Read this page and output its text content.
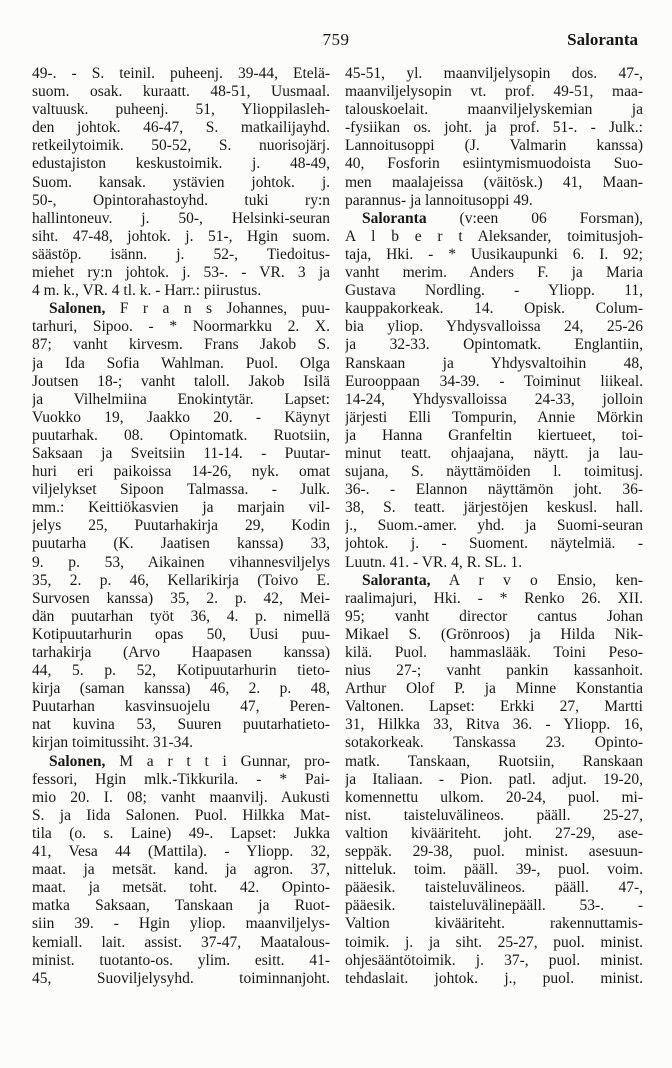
759	Saloranta
49-. - S. teinil. puheenj. 39-44, Etelä-
suom. osak. kuraatt. 48-51, Uusmaal.
valtuusk. puheenj. 51, Ylioppilasleh-
den johtok. 46-47, S. matkailijayhd.
retkeilytoimik. 50-52, S. nuorisojärj.
edustajiston keskustoimik. j. 48-49,
Suom. kansak. ystävien johtok. j.
50-, Opintorahastoyhd. tuki ry:n
hallintoneuv. j. 50-, Helsinki-seuran
siht. 47-48, johtok. j. 51-, Hgin suom.
säästöp. isänn. j. 52-, Tiedoitus-
miehet ry:n johtok. j. 53-. - VR. 3 ja
4 m. k., VR. 4 tl. k. - Harr.: piirustus.
Salonen, F r a n s Johannes, puu-
tarhuri, Sipoo. - * Noormarkku 2. X.
87; vanht kirvesm. Frans Jakob S.
ja Ida Sofia Wahlman. Puol. Olga
Joutsen 18-; vanht taloll. Jakob Isilä
ja Vilhelmiina Enokintytär. Lapset:
Vuokko 19, Jaakko 20. - Käynyt
puutarhak. 08. Opintomatk. Ruotsiin,
Saksaan ja Sveitsiin 11-14. - Puutar-
huri eri paikoissa 14-26, nyk. omat
viljelykset Sipoon Talmassa. - Julk.
mm.: Keittiökasvien ja marjain vil-
jelys 25, Puutarhakirja 29, Kodin
puutarha (K. Jaatisen kanssa) 33,
9. p. 53, Aikainen vihannesviljelys
35, 2. p. 46, Kellarikirja (Toivo E.
Survosen kanssa) 35, 2. p. 42, Mei-
dän puutarhan työt 36, 4. p. nimellä
Kotipuutarhurin opas 50, Uusi puu-
tarhakirja (Arvo Haapasen kanssa)
44, 5. p. 52, Kotipuutarhurin tieto-
kirja (saman kanssa) 46, 2. p. 48,
Puutarhan kasvinsuojelu 47, Peren-
nat kuvina 53, Suuren puutarhatieto-
kirjan toimitussiht. 31-34.
Salonen, M a r t t i Gunnar, pro-
fessori, Hgin mlk.-Tikkurila. - * Pai-
mio 20. I. 08; vanht maanvilj. Aukusti
S. ja Iida Salonen. Puol. Hilkka Mat-
tila (o. s. Laine) 49-. Lapset: Jukka
41, Vesa 44 (Mattila). - Yliopp. 32,
maat. ja metsät. kand. ja agron. 37,
maat. ja metsät. toht. 42. Opinto-
matka Saksaan, Tanskaan ja Ruot-
siin 39. - Hgin yliop. maanviljelys-
kemiall. lait. assist. 37-47, Maatalous-
minist. tuotanto-os. ylim. esitt. 41-
45, Suoviljelysyhd. toiminnanjoht.
45-51, yl. maanviljelysopin dos. 47-,
maanviljelysopin vt. prof. 49-51, maa-
talouskoelait. maanviljelyskemian ja
-fysiikan os. joht. ja prof. 51-. - Julk.:
Lannoitusoppi (J. Valmarin kanssa)
40, Fosforin esiintymismuodoista Suo-
men maalajeissa (väitösk.) 41, Maan-
parannus- ja lannoitusoppi 49.
Saloranta (v:een 06 Forsman),
A l b e r t Aleksander, toimitusjoh-
taja, Hki. - * Uusikaupunki 6. I. 92;
vanht merim. Anders F. ja Maria
Gustava Nordling. - Yliopp. 11,
kauppakorkeak. 14. Opisk. Colum-
bia yliop. Yhdysvalloissa 24, 25-26
ja 32-33. Opintomatk. Englantiin,
Ranskaan ja Yhdysvaltoihin 48,
Eurooppaan 34-39. - Toiminut liikeal.
14-24, Yhdysvalloissa 24-33, jolloin
järjesti Elli Tompurin, Annie Mörkin
ja Hanna Granfeltin kiertueet, toi-
minut teatt. ohjaajana, näytt. ja lau-
sujana, S. näyttämöiden l. toimitusj.
36-. - Elannon näyttämön joht. 36-
38, S. teatt. järjestöjen keskusl. hall.
j., Suom.-amer. yhd. ja Suomi-seuran
johtok. j. - Suoment. näytelmiä. -
Luutn. 41. - VR. 4, R. SL. 1.
Saloranta, A r v o Ensio, ken-
raalimajuri, Hki. - * Renko 26. XII.
95; vanht director cantus Johan
Mikael S. (Grönroos) ja Hilda Nik-
kilä. Puol. hammaslääk. Toini Peso-
nius 27-; vanht pankin kassanhoit.
Arthur Olof P. ja Minne Konstantia
Valtonen. Lapset: Erkki 27, Martti
31, Hilkka 33, Ritva 36. - Yliopp. 16,
sotakorkeak. Tanskassa 23. Opinto-
matk. Tanskaan, Ruotsiin, Ranskaan
ja Italiaan. - Pion. patl. adjut. 19-20,
komennettu ulkom. 20-24, puol. mi-
nist. taisteluvälineos. pääll. 25-27,
valtion kivääriteht. joht. 27-29, ase-
seppäk. 29-38, puol. minist. asesuun-
nitteluk. toim. pääll. 39-, puol. voim.
pääesik. taisteluvälineos. pääll. 47-,
pääesik. taisteluvälinepääll. 53-. -
Valtion kivääriteht. rakennuttamis-
toimik. j. ja siht. 25-27, puol. minist.
ohjesääntötoimik. j. 37-, puol. minist.
tehdaslait. johtok. j., puol. minist.
